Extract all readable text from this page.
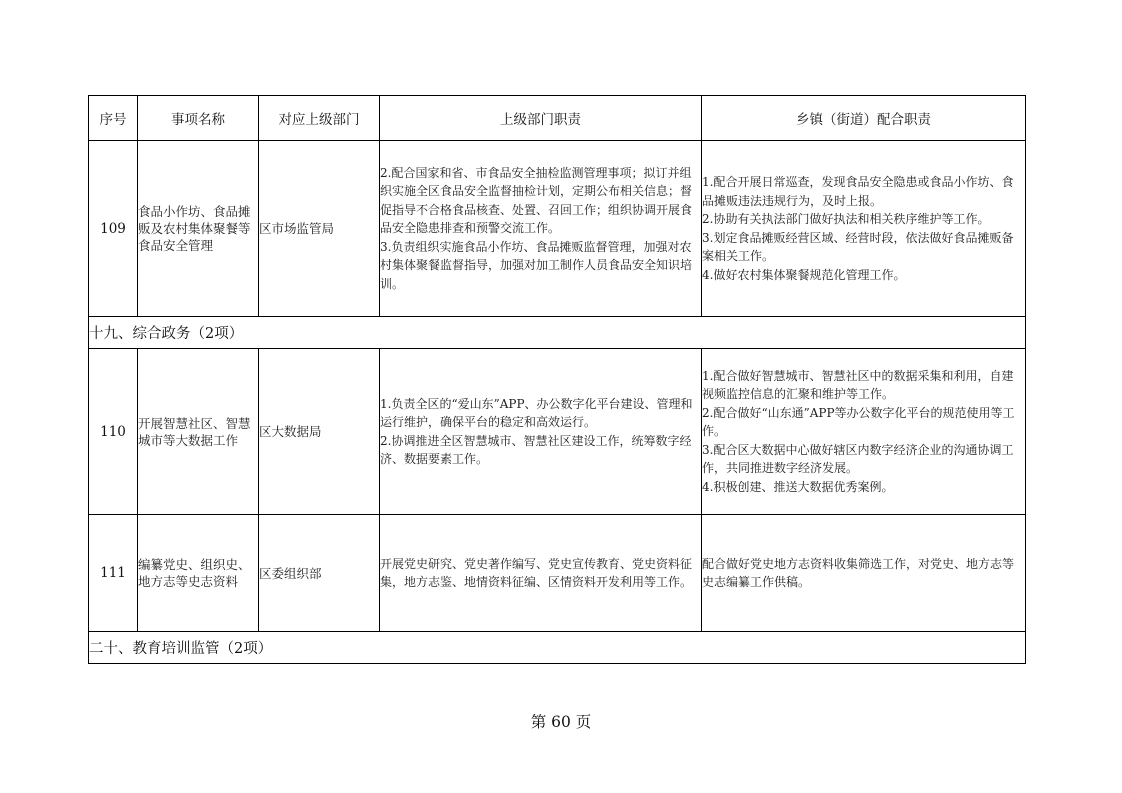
序号	事项名称	对应上级部门	上级部门职责	乡镇（街道）配合职责
109	食品小作坊、食品摊贩及农村集体聚餐等食品安全管理	区市场监管局	2.配合国家和省、市食品安全抽检监测管理事项；拟订并组织实施全区食品安全监督抽检计划，定期公布相关信息；督促指导不合格食品核查、处置、召回工作；组织协调开展食品安全隐患排查和预警交流工作。
3.负责组织实施食品小作坊、食品摊贩监督管理，加强对农村集体聚餐监督指导，加强对加工制作人员食品安全知识培训。	1.配合开展日常巡查，发现食品安全隐患或食品小作坊、食品摊贩违法违规行为，及时上报。
2.协助有关执法部门做好执法和相关秩序维护等工作。
3.划定食品摊贩经营区域、经营时段，依法做好食品摊贩备案相关工作。
4.做好农村集体聚餐规范化管理工作。

十九、综合政务（2项）				
110	开展智慧社区、智慧城市等大数据工作	区大数据局	1.负责全区的“爱山东”APP、办公数字化平台建设、管理和运行维护，确保平台的稳定和高效运行。
2.协调推进全区智慧城市、智慧社区建设工作，统筹数字经济、数据要素工作。	1.配合做好智慧城市、智慧社区中的数据采集和利用，自建视频监控信息的汇聚和维护等工作。
2.配合做好“山东通”APP等办公数字化平台的规范使用等工作。
3.配合区大数据中心做好辖区内数字经济企业的沟通协调工作，共同推进数字经济发展。
4.积极创建、推送大数据优秀案例。

111	编纂党史、组织史、地方志等史志资料	区委组织部	开展党史研究、党史著作编写、党史宣传教育、党史资料征集，地方志鉴、地情资料征编、区情资料开发利用等工作。	配合做好党史地方志资料收集筛选工作，对党史、地方志等史志编纂工作供稿。

二十、教育培训监管（2项）				
第 60 页
